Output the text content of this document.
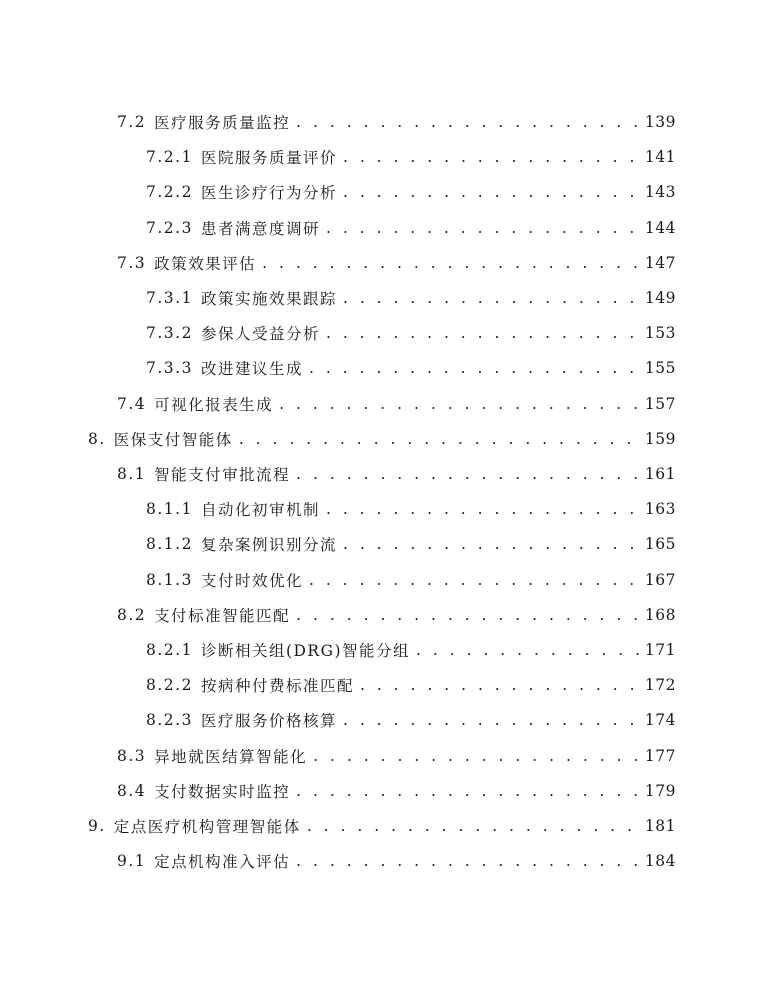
7.2 医疗服务质量监控 . . .	139
7.2.1 医院服务质量评价 . . .	141
7.2.2 医生诊疗行为分析 . . .	143
7.2.3 患者满意度调研 . . .	144
7.3 政策效果评估 . . .	147
7.3.1 政策实施效果跟踪 . . .	149
7.3.2 参保人受益分析 . . .	153
7.3.3 改进建议生成 . . .	155
7.4 可视化报表生成 . . .	157
8. 医保支付智能体 . . .	159
8.1 智能支付审批流程 . . .	161
8.1.1 自动化初审机制 . . .	163
8.1.2 复杂案例识别分流 . . .	165
8.1.3 支付时效优化 . . .	167
8.2 支付标准智能匹配 . . .	168
8.2.1 诊断相关组(DRG)智能分组 . . .	171
8.2.2 按病种付费标准匹配 . . .	172
8.2.3 医疗服务价格核算 . . .	174
8.3 异地就医结算智能化 . . .	177
8.4 支付数据实时监控 . . .	179
9. 定点医疗机构管理智能体 . . .	181
9.1 定点机构准入评估 . . .	184
